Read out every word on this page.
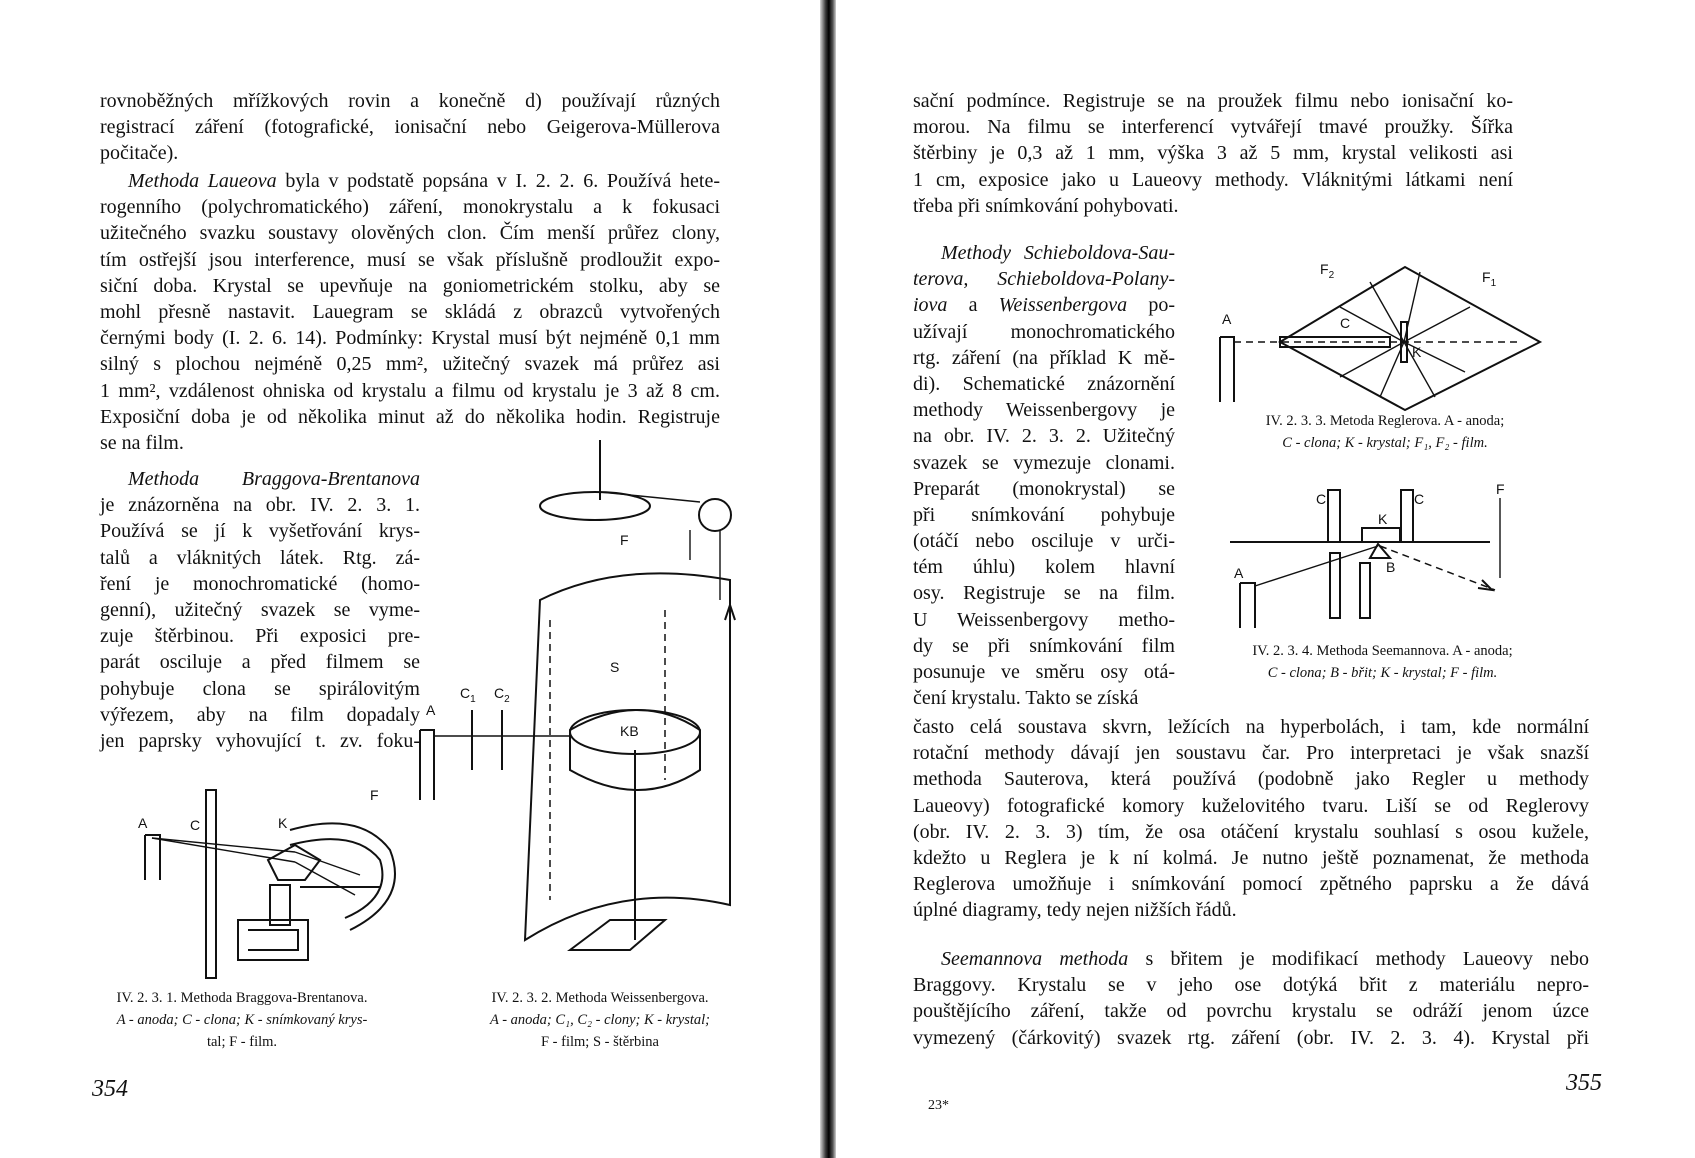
rovnoběžných mřížkových rovin a konečně d) používají různých
registrací záření (fotografické, ionisační nebo Geigerova-Müllerova
počitače).
Methoda Laueova byla v podstatě popsána v I. 2. 2. 6. Používá hete-
rogenního (polychromatického) záření, monokrystalu a k fokusaci
užitečného svazku soustavy olověných clon. Čím menší průřez clony,
tím ostřejší jsou interference, musí se však příslušně prodloužit expo-
siční doba. Krystal se upevňuje na goniometrickém stolku, aby se
mohl přesně nastavit. Lauegram se skládá z obrazců vytvořených
černými body (I. 2. 6. 14). Podmínky: Krystal musí být nejméně 0,1 mm
silný s plochou nejméně 0,25 mm², užitečný svazek má průřez asi
1 mm², vzdálenost ohniska od krystalu a filmu od krystalu je 3 až 8 cm.
Exposiční doba je od několika minut až do několika hodin. Registruje
se na film.
Methoda Braggova-Brentanova
je znázorněna na obr. IV. 2. 3. 1.
Používá se jí k vyšetřování krys-
talů a vláknitých látek. Rtg. zá-
ření je monochromatické (homo-
genní), užitečný svazek se vyme-
zuje štěrbinou. Při exposici pre-
parát osciluje a před filmem se
pohybuje clona se spirálovitým
výřezem, aby na film dopadaly
jen paprsky vyhovující t. zv. foku-
A	C	K
F
F
S
A
$C_1$ $C_2$
KB
IV. 2. 3. 1. Methoda Braggova-Brentanova.
A - anoda; C - clona; K - snímkovaný krys-
tal; F - film.
IV. 2. 3. 2. Methoda Weissenbergova.
A - anoda; C₁, C₂ - clony; K - krystal;
F - film; S - štěrbina
354
sační podmínce. Registruje se na proužek filmu nebo ionisační ko-
morou. Na filmu se interferencí vytvářejí tmavé proužky. Šířka
štěrbiny je 0,3 až 1 mm, výška 3 až 5 mm, krystal velikosti asi
1 cm, exposice jako u Laueovy methody. Vláknitými látkami není
třeba při snímkování pohybovati.
Methody Schieboldova-Sau-
terova, Schieboldova-Polany-
iova a Weissenbergova po-
užívají monochromatického
rtg. záření (na příklad K mě-
di). Schematické znázornění
methody Weissenbergovy je
na obr. IV. 2. 3. 2. Užitečný
svazek se vymezuje clonami.
Preparát (monokrystal) se
při snímkování pohybuje
(otáčí nebo osciluje v urči-
tém úhlu) kolem hlavní
osy. Registruje se na film.
U Weissenbergovy metho-
dy se při snímkování film
posunuje ve směru osy otá-
čení krystalu. Takto se získá
A	C
K
$F_2$	$F_1$
IV. 2. 3. 3. Metoda Reglerova. A - anoda;
C - clona; K - krystal; F₁, F₂ - film.
C	C
K
F
A	B
IV. 2. 3. 4. Methoda Seemannova. A - anoda;
C - clona; B - břit; K - krystal; F - film.
často celá soustava skvrn, ležících na hyperbolách, i tam, kde normální
rotační methody dávají jen soustavu čar. Pro interpretaci je však snazší
methoda Sauterova, která používá (podobně jako Regler u methody
Laueovy) fotografické komory kuželovitého tvaru. Liší se od Reglerovy
(obr. IV. 2. 3. 3) tím, že osa otáčení krystalu souhlasí s osou kužele,
kdežto u Reglera je k ní kolmá. Je nutno ještě poznamenat, že methoda
Reglerova umožňuje i snímkování pomocí zpětného paprsku a že dává
úplné diagramy, tedy nejen nižších řádů.
Seemannova methoda s břitem je modifikací methody Laueovy nebo
Braggovy. Krystalu se v jeho ose dotýká břit z materiálu nepro-
pouštějícího záření, takže od povrchu krystalu se odráží jenom úzce
vymezený (čárkovitý) svazek rtg. záření (obr. IV. 2. 3. 4). Krystal při
23*
355
